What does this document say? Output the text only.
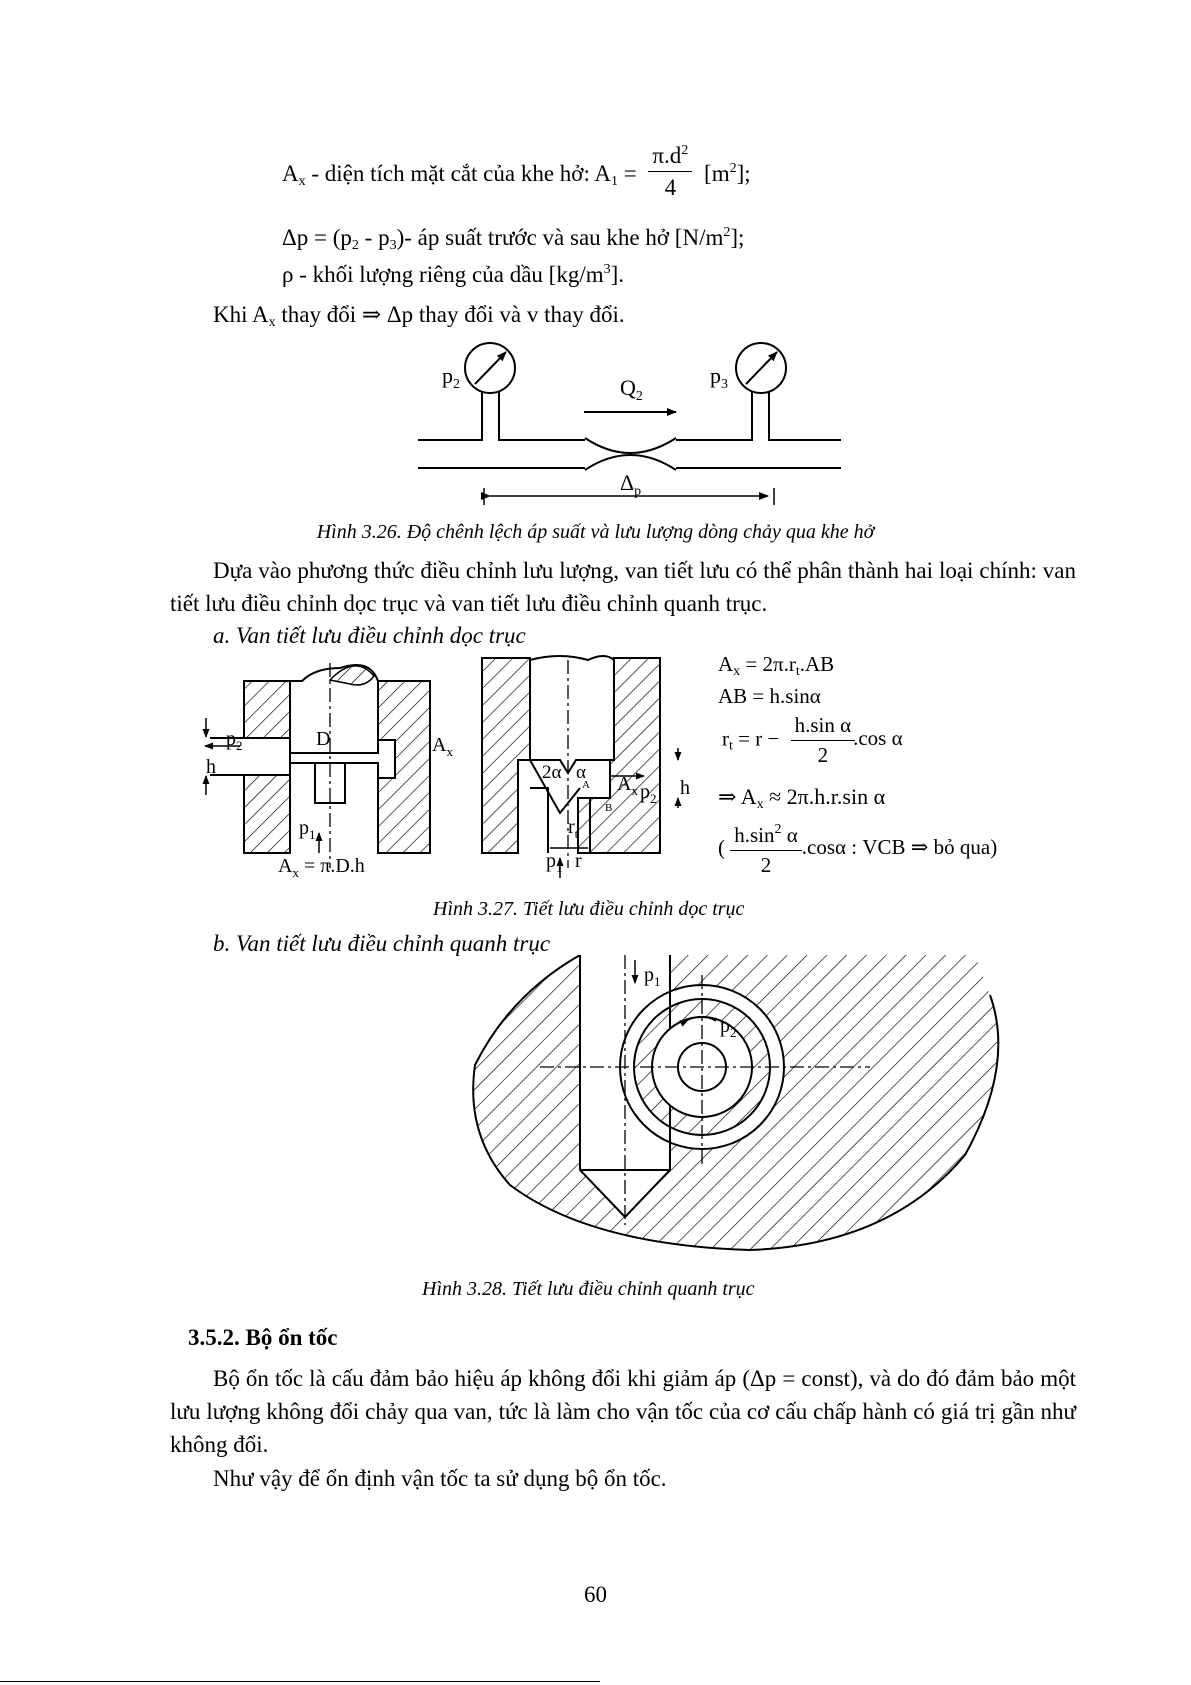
$A_x$ - diện tích mặt cắt của khe hở: $A_1 = \frac{\pi.d^2}{4} [m^2]$;
$\Delta p = (p_2 - p_3)-$ áp suất trước và sau khe hở $[N/m^2]$;
ρ - khối lượng riêng của dầu $[kg/m^3]$.
Khi $A_x$ thay đổi ⇒ Δp thay đổi và v thay đổi.
$p_2$	$Q_2$
$p_3$
$\Delta_p$
Hình 3.26. Độ chênh lệch áp suất và lưu lượng dòng chảy qua khe hở
Dựa vào phương thức điều chỉnh lưu lượng, van tiết lưu có thể phân thành hai loại chính: van tiết lưu điều chỉnh dọc trục và van tiết lưu điều chỉnh quanh trục.
a. Van tiết lưu điều chỉnh dọc trục
$p_2$	D	$A_x$
h
$p_1$
$A_x = \pi.D.h$
2α α
A
B
$A_x$ $p_2$ h
$r_t$
$p_1$ r
$A_x = 2\pi.r_t.AB$
AB = h.sinα
$r_t = r - \frac{\text{h.sin α}}{2}$
.cos α
⇒ $A_x \approx 2\pi.h.r.\sin$ α
( $\frac{h.\sin^2 \alpha}{2} .\cos\alpha$ : VCB ⇒ bỏ qua)
Hình 3.27. Tiết lưu điều chỉnh dọc trục
b. Van tiết lưu điều chỉnh quanh trục
$p_1$
$p_2$
Hình 3.28. Tiết lưu điều chỉnh quanh trục
3.5.2. Bộ ổn tốc
Bộ ổn tốc là cấu đảm bảo hiệu áp không đổi khi giảm áp (Δp = const), và do đó đảm bảo một lưu lượng không đổi chảy qua van, tức là làm cho vận tốc của cơ cấu chấp hành có giá trị gần như không đổi.
Như vậy để ổn định vận tốc ta sử dụng bộ ổn tốc.
60
